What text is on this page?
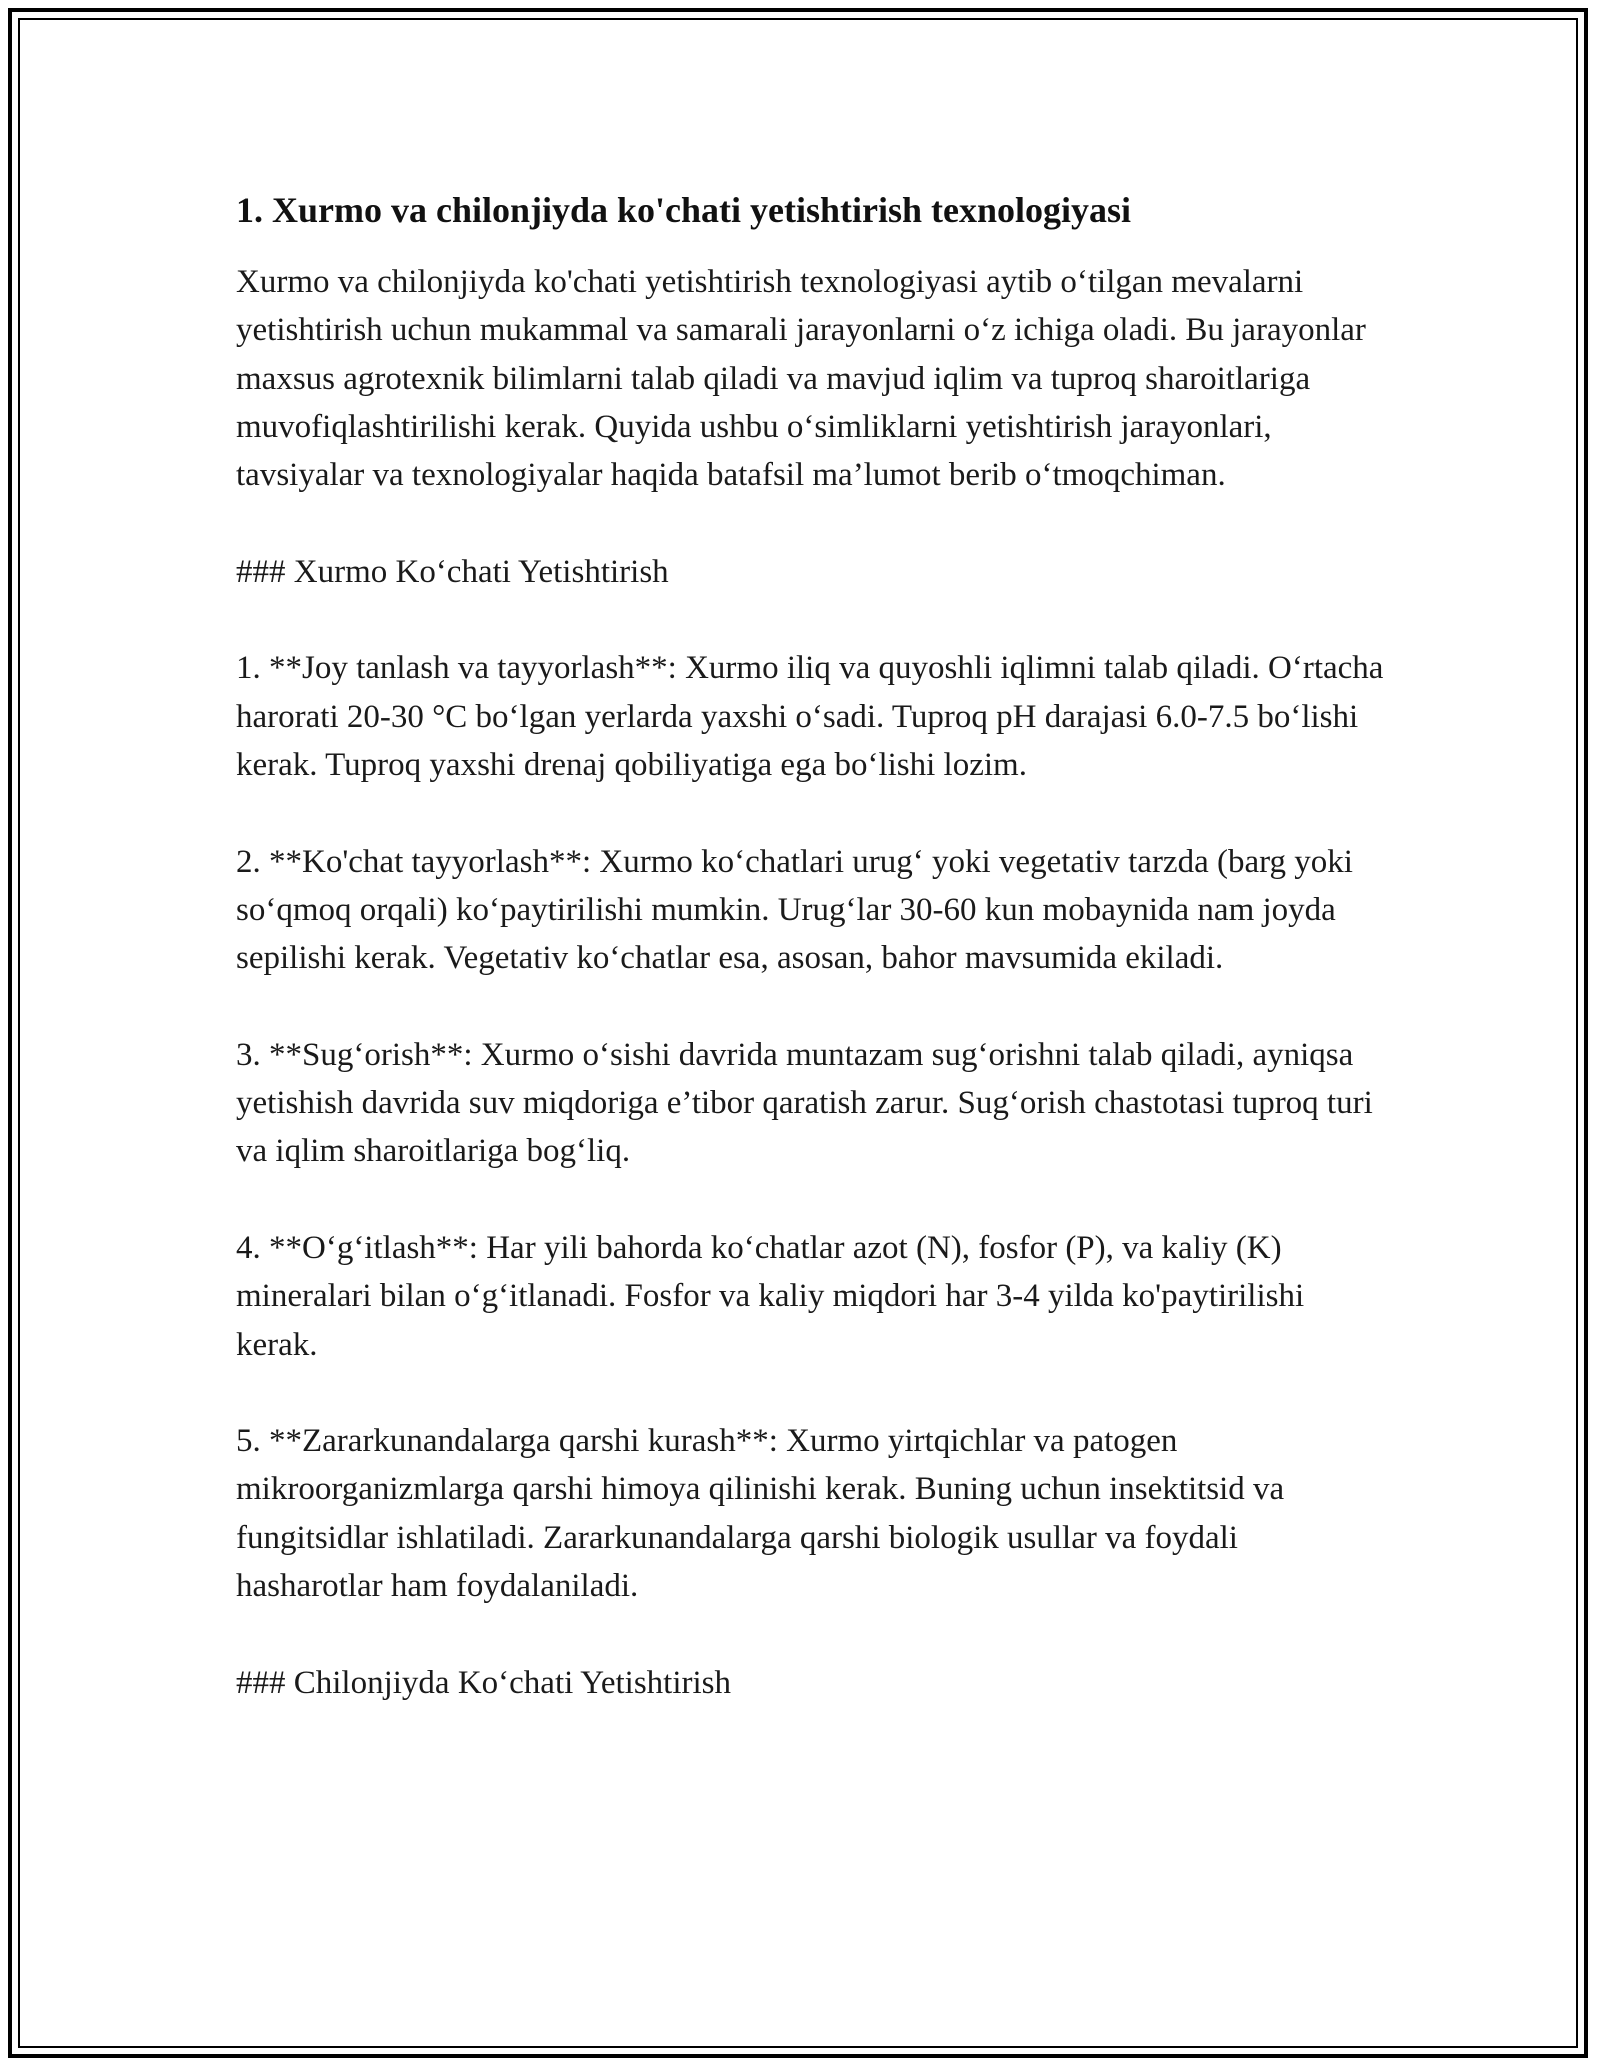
1. Xurmo va chilonjiyda ko'chati yetishtirish texnologiyasi

Xurmo va chilonjiyda ko'chati yetishtirish texnologiyasi aytib o‘tilgan mevalarni yetishtirish uchun mukammal va samarali jarayonlarni o‘z ichiga oladi. Bu jarayonlar maxsus agrotexnik bilimlarni talab qiladi va mavjud iqlim va tuproq sharoitlariga muvofiqlashtirilishi kerak. Quyida ushbu o‘simliklarni yetishtirish jarayonlari, tavsiyalar va texnologiyalar haqida batafsil ma’lumot berib o‘tmoqchiman.

### Xurmo Ko‘chati Yetishtirish

1. **Joy tanlash va tayyorlash**: Xurmo iliq va quyoshli iqlimni talab qiladi. O‘rtacha harorati 20-30 °C bo‘lgan yerlarda yaxshi o‘sadi. Tuproq pH darajasi 6.0-7.5 bo‘lishi kerak. Tuproq yaxshi drenaj qobiliyatiga ega bo‘lishi lozim.

2. **Ko'chat tayyorlash**: Xurmo ko‘chatlari urug‘ yoki vegetativ tarzda (barg yoki so‘qmoq orqali) ko‘paytirilishi mumkin. Urug‘lar 30-60 kun mobaynida nam joyda sepilishi kerak. Vegetativ ko‘chatlar esa, asosan, bahor mavsumida ekiladi.

3. **Sug‘orish**: Xurmo o‘sishi davrida muntazam sug‘orishni talab qiladi, ayniqsa yetishish davrida suv miqdoriga e’tibor qaratish zarur. Sug‘orish chastotasi tuproq turi va iqlim sharoitlariga bog‘liq.

4. **O‘g‘itlash**: Har yili bahorda ko‘chatlar azot (N), fosfor (P), va kaliy (K) mineralari bilan o‘g‘itlanadi. Fosfor va kaliy miqdori har 3-4 yilda ko'paytirilishi kerak.

5. **Zararkunandalarga qarshi kurash**: Xurmo yirtqichlar va patogen mikroorganizmlarga qarshi himoya qilinishi kerak. Buning uchun insektitsid va fungitsidlar ishlatiladi. Zararkunandalarga qarshi biologik usullar va foydali hasharotlar ham foydalaniladi.

### Chilonjiyda Ko‘chati Yetishtirish
